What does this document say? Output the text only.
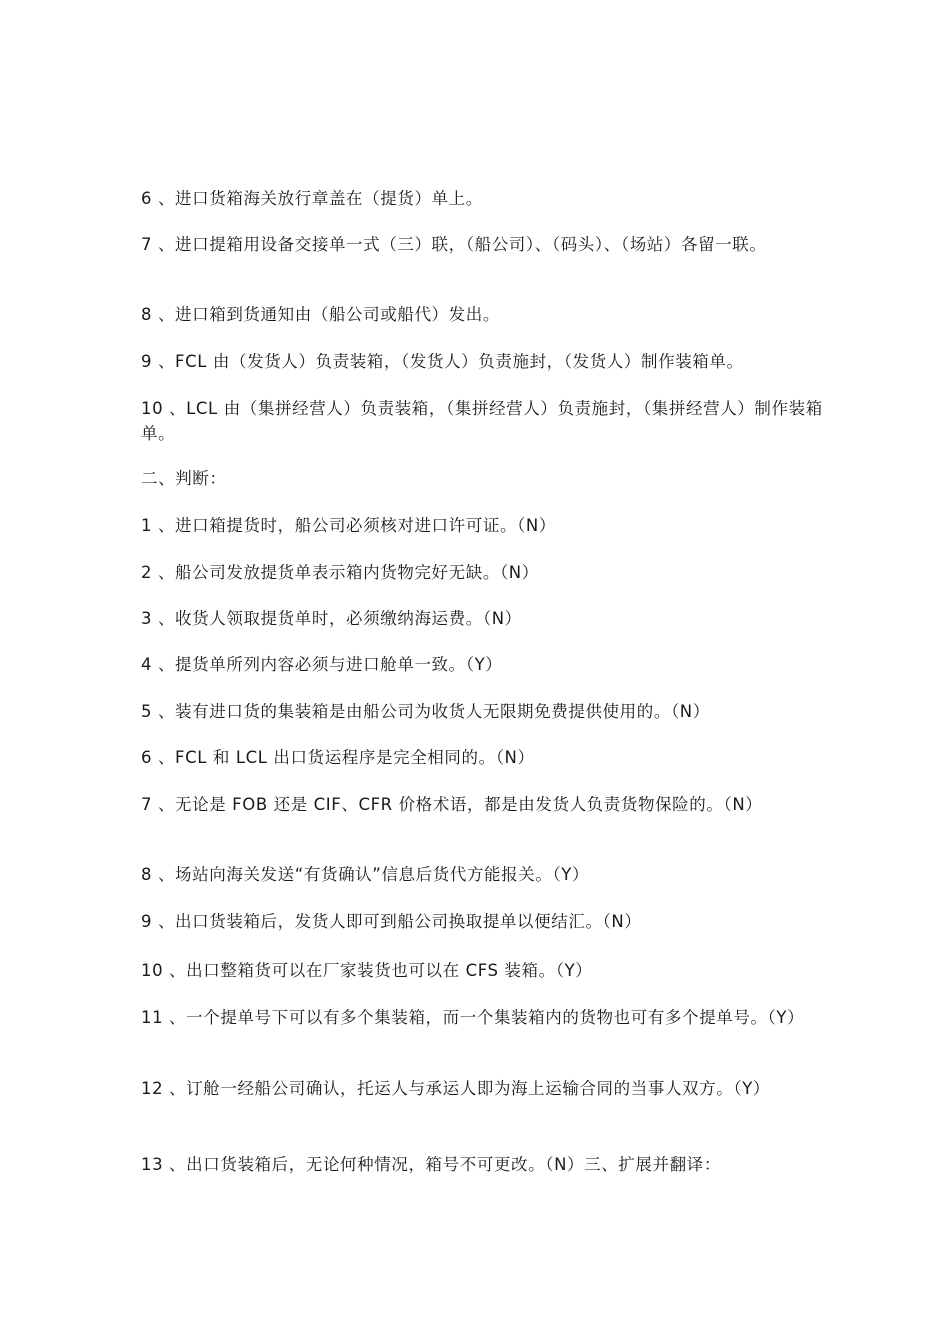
6 、进口货箱海关放行章盖在（提货）单上。

7 、进口提箱用设备交接单一式（三）联，（船公司）、（码头）、（场站）各留一联。

8 、进口箱到货通知由（船公司或船代）发出。

9 、FCL 由（发货人）负责装箱，（发货人）负责施封，（发货人）制作装箱单。

10 、LCL 由（集拼经营人）负责装箱，（集拼经营人）负责施封，（集拼经营人）制作装箱单。

二、判断：

1 、进口箱提货时，船公司必须核对进口许可证。（N）

2 、船公司发放提货单表示箱内货物完好无缺。（N）

3 、收货人领取提货单时，必须缴纳海运费。（N）

4 、提货单所列内容必须与进口舱单一致。（Y）

5 、装有进口货的集装箱是由船公司为收货人无限期免费提供使用的。（N）

6 、FCL 和 LCL 出口货运程序是完全相同的。（N）

7 、无论是 FOB 还是 CIF、CFR 价格术语，都是由发货人负责货物保险的。（N）

8 、场站向海关发送“有货确认”信息后货代方能报关。（Y）

9 、出口货装箱后，发货人即可到船公司换取提单以便结汇。（N）

10 、出口整箱货可以在厂家装货也可以在 CFS 装箱。（Y）

11 、一个提单号下可以有多个集装箱，而一个集装箱内的货物也可有多个提单号。（Y）

12 、订舱一经船公司确认，托运人与承运人即为海上运输合同的当事人双方。（Y）

13 、出口货装箱后，无论何种情况，箱号不可更改。（N）三、扩展并翻译：
